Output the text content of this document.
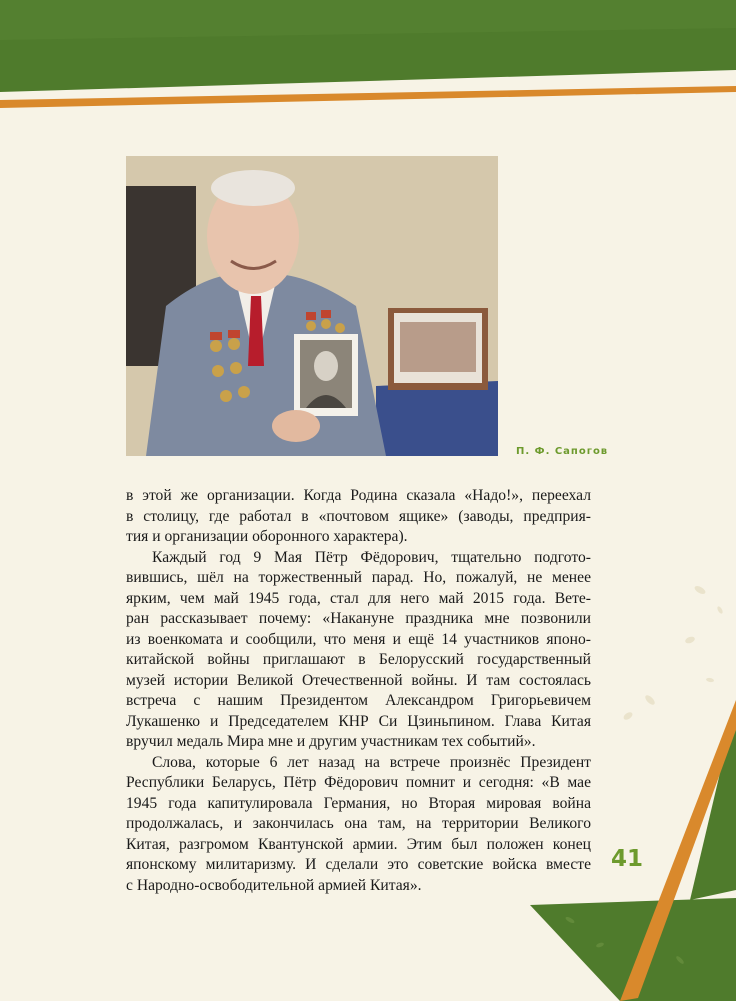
П. Ф. Сапогов

в этой же организации. Когда Родина сказала «Надо!», переехал

в столицу, где работал в «почтовом ящике» (заводы, предприя-

тия и организации оборонного характера).

Каждый год 9 Мая Пётр Фёдорович, тщательно подгото-

вившись, шёл на торжественный парад. Но, пожалуй, не менее

ярким, чем май 1945 года, стал для него май 2015 года. Вете-

ран рассказывает почему: «Накануне праздника мне позвонили

из военкомата и сообщили, что меня и ещё 14 участников японо-

китайской войны приглашают в Белорусский государственный

музей истории Великой Отечественной войны. И там состоялась

встреча с нашим Президентом Александром Григорьевичем

Лукашенко и Председателем КНР Си Цзиньпином. Глава Китая

вручил медаль Мира мне и другим участникам тех событий».

Слова, которые 6 лет назад на встрече произнёс Президент

Республики Беларусь, Пётр Фёдорович помнит и сегодня: «В мае

1945 года капитулировала Германия, но Вторая мировая война

продолжалась, и закончилась она там, на территории Великого

Китая, разгромом Квантунской армии. Этим был положен конец

японскому милитаризму. И сделали это советские войска вместе

с Народно-освободительной армией Китая».

41
